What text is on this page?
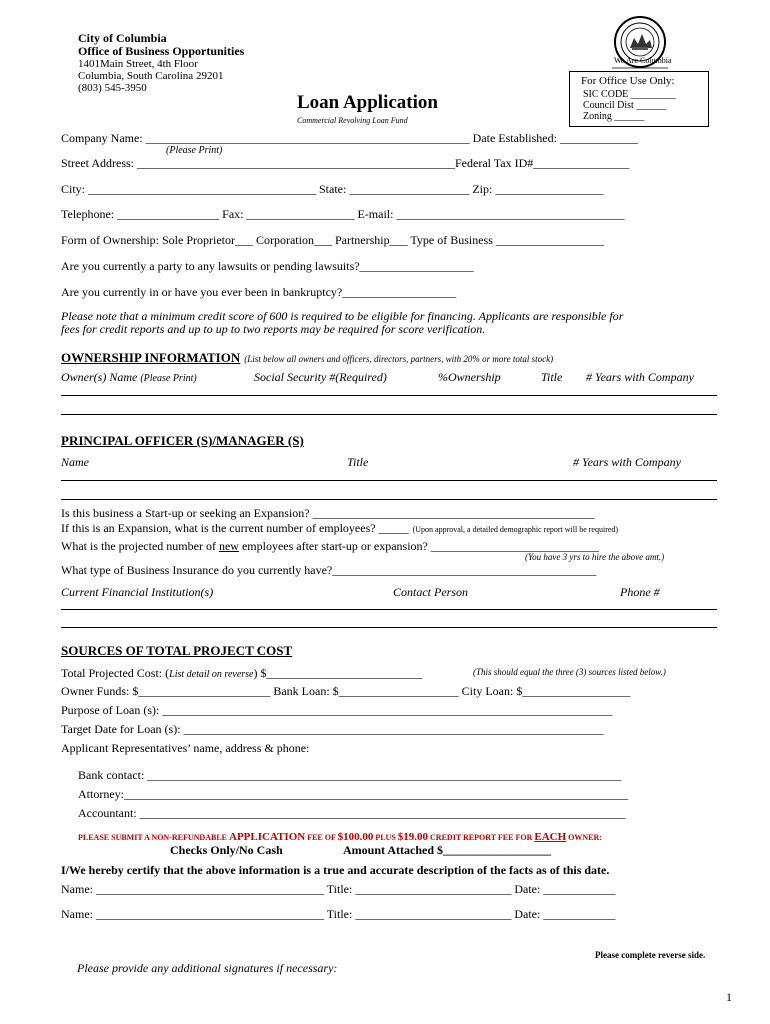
City of Columbia
Office of Business Opportunities
1401Main Street, 4th Floor
Columbia, South Carolina 29201
(803) 545-3950
We Are Columbia
For Office Use Only:
SIC CODE _________
Council Dist ______
Zoning ______
Loan Application
Commercial Revolving Loan Fund
Company Name: ______________________________________________________ Date Established: _____________
(Please Print)
Street Address: _____________________________________________________Federal Tax ID#________________
City: ______________________________________ State: ____________________ Zip: __________________
Telephone: _________________ Fax: __________________ E-mail: ______________________________________
Form of Ownership: Sole Proprietor___ Corporation___ Partnership___ Type of Business __________________
Are you currently a party to any lawsuits or pending lawsuits?___________________
Are you currently in or have you ever been in bankruptcy?___________________
Please note that a minimum credit score of 600 is required to be eligible for financing. Applicants are responsible for
fees for credit reports and up to up to two reports may be required for score verification.
OWNERSHIP INFORMATION (List below all owners and officers, directors, partners, with 20% or more total stock)
Owner(s) Name (Please Print)	Social Security #(Required)	%Ownership	Title # Years with Company
PRINCIPAL OFFICER (S)/MANAGER (S)
Name	Title	# Years with Company
Is this business a Start-up or seeking an Expansion? _______________________________________________
If this is an Expansion, what is the current number of employees? _____ (Upon approval, a detailed demographic report will be required)
What is the projected number of new employees after start-up or expansion? ____________________________
(You have 3 yrs to hire the above amt.)
What type of Business Insurance do you currently have?____________________________________________
Current Financial Institution(s)	Contact Person	Phone #
SOURCES OF TOTAL PROJECT COST
Total Projected Cost: (List detail on reverse) $__________________________	(This should equal the three (3) sources listed below.)
Owner Funds: $______________________ Bank Loan: $____________________ City Loan: $__________________
Purpose of Loan (s): ___________________________________________________________________________
Target Date for Loan (s): ______________________________________________________________________
Applicant Representatives’ name, address & phone:
Bank contact: _______________________________________________________________________________
Attorney:____________________________________________________________________________________
Accountant: _________________________________________________________________________________
PLEASE SUBMIT A NON-REFUNDABLE APPLICATION FEE OF $100.00 PLUS $19.00 CREDIT REPORT FEE FOR EACH OWNER:
Checks Only/No Cash	Amount Attached $__________________
I/We hereby certify that the above information is a true and accurate description of the facts as of this date.
Name: ______________________________________ Title: __________________________ Date: ____________
Name: ______________________________________ Title: __________________________ Date: ____________
Please complete reverse side.
Please provide any additional signatures if necessary:
1
